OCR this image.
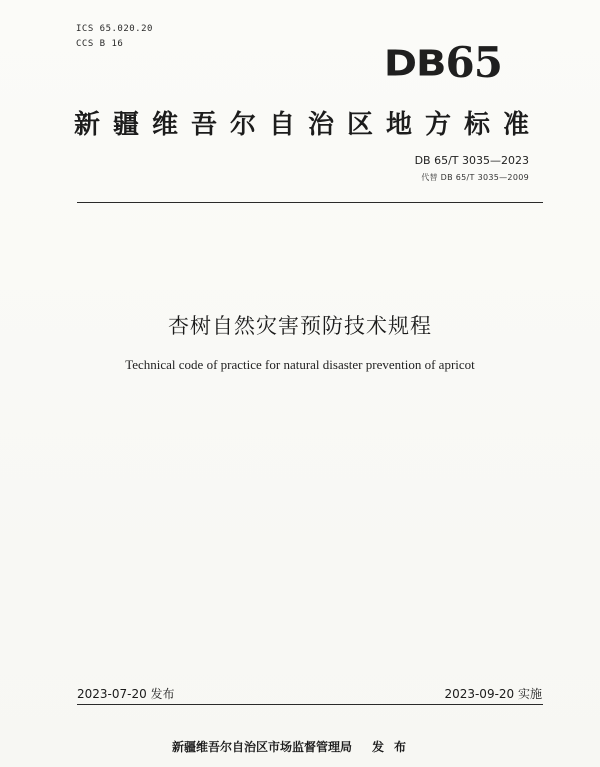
ICS 65.020.20
CCS B 16	DB65
新疆维吾尔自治区地方标准
DB 65/T 3035—2023
代替 DB 65/T 3035—2009
杏树自然灾害预防技术规程
Technical code of practice for natural disaster prevention of apricot
2023-07-20 发布	2023-09-20 实施
新疆维吾尔自治区市场监督管理局 发布
